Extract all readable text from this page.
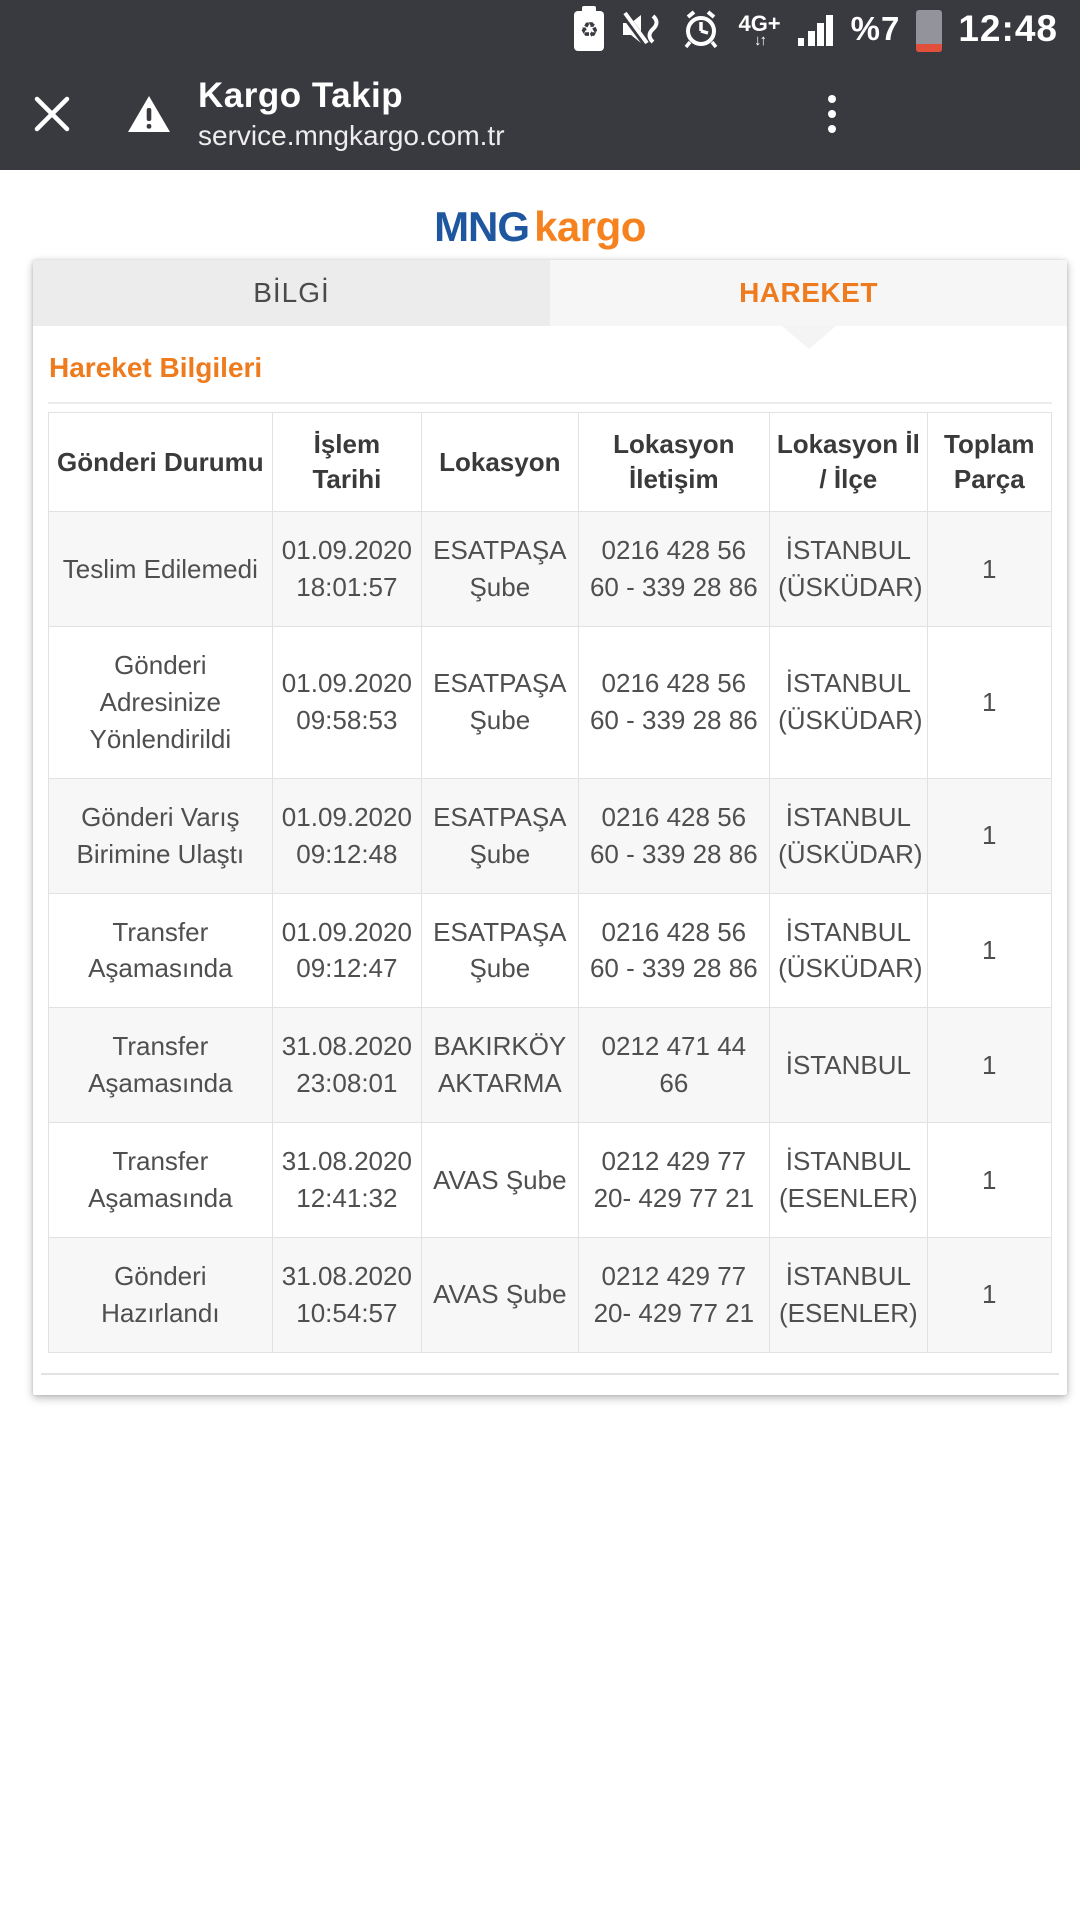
♻	4G+
↓↑	%7 12:48
Kargo Takip
service.mngkargo.com.tr
MNG kargo
BİLGİ	HAREKET
Hareket Bilgileri
Gönderi Durumu	İşlem Tarihi	Lokasyon	Lokasyon İletişim	Lokasyon İl / İlçe	Toplam Parça
Teslim Edilemedi	01.09.2020 18:01:57	ESATPAŞA Şube	0216 428 56 60 - 339 28 86	İSTANBUL (ÜSKÜDAR)	1
Gönderi Adresinize Yönlendirildi	01.09.2020 09:58:53	ESATPAŞA Şube	0216 428 56 60 - 339 28 86	İSTANBUL (ÜSKÜDAR)	1
Gönderi Varış Birimine Ulaştı	01.09.2020 09:12:48	ESATPAŞA Şube	0216 428 56 60 - 339 28 86	İSTANBUL (ÜSKÜDAR)	1
Transfer Aşamasında	01.09.2020 09:12:47	ESATPAŞA Şube	0216 428 56 60 - 339 28 86	İSTANBUL (ÜSKÜDAR)	1
Transfer Aşamasında	31.08.2020 23:08:01	BAKIRKÖY AKTARMA	0212 471 44 66	İSTANBUL	1
Transfer Aşamasında	31.08.2020 12:41:32	AVAS Şube	0212 429 77 20- 429 77 21	İSTANBUL (ESENLER)	1
Gönderi Hazırlandı	31.08.2020 10:54:57	AVAS Şube	0212 429 77 20- 429 77 21	İSTANBUL (ESENLER)	1
